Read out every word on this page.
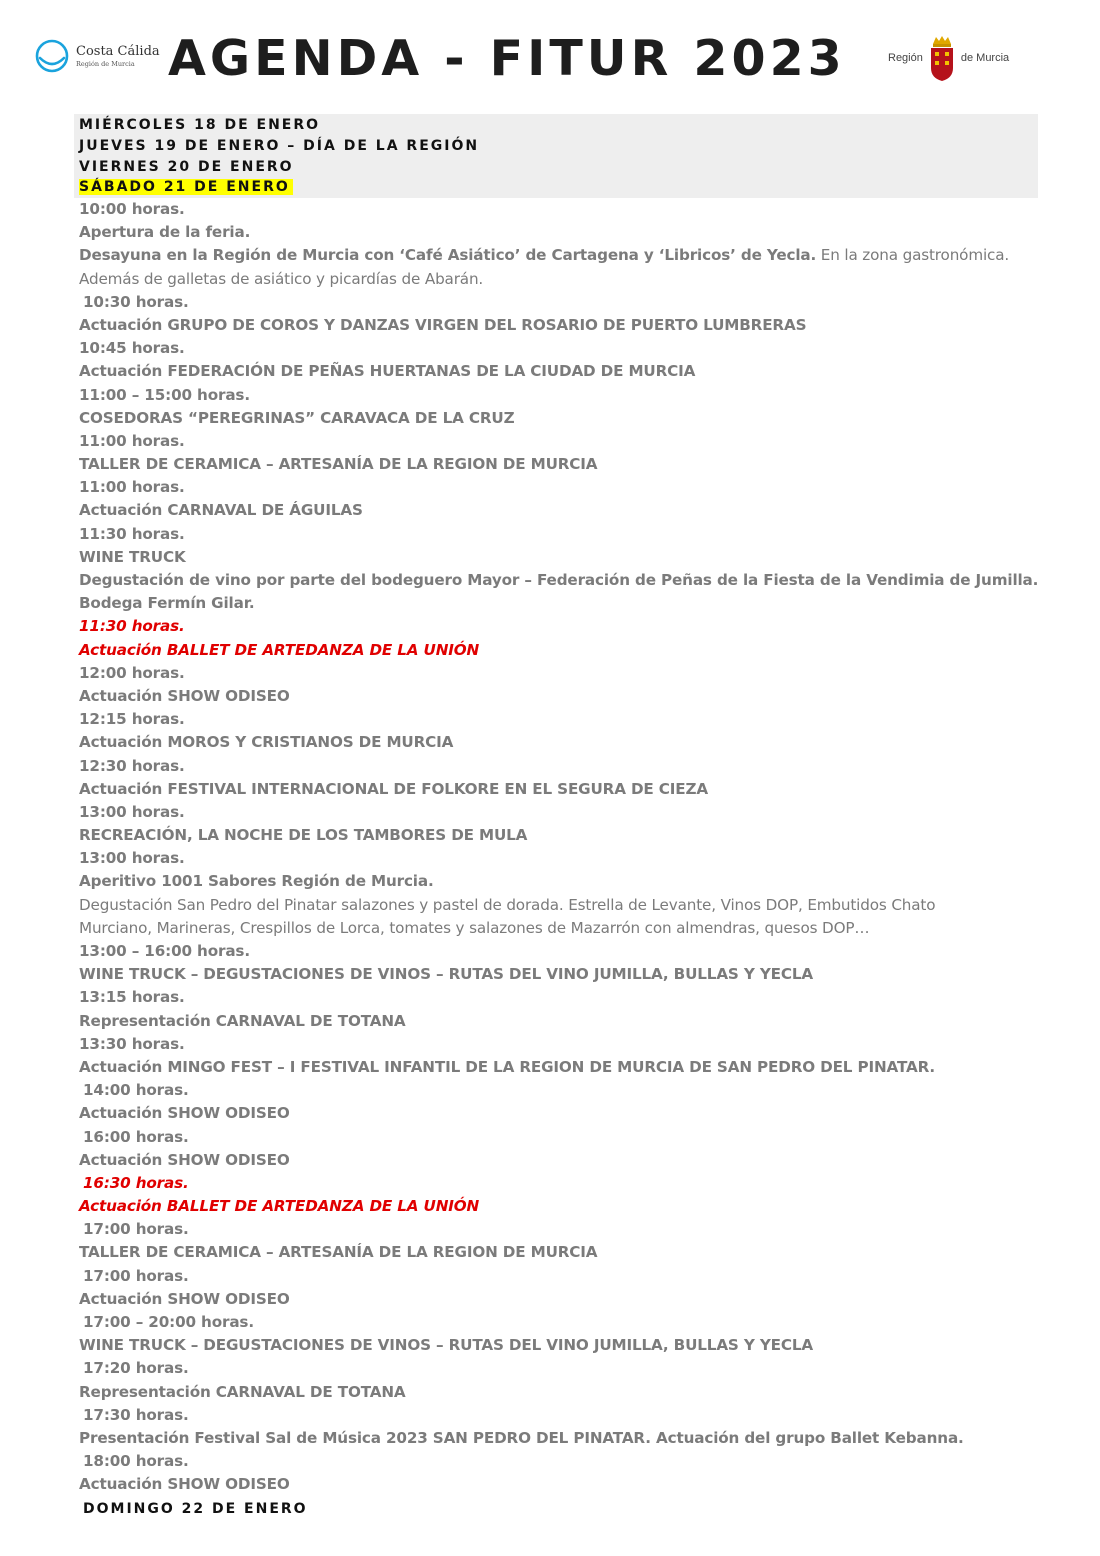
Costa Cálida
Región de Murcia AGENDA - FITUR 2023	Región	de Murcia
MIÉRCOLES 18 DE ENERO
JUEVES 19 DE ENERO – DÍA DE LA REGIÓN
VIERNES 20 DE ENERO
SÁBADO 21 DE ENERO
10:00 horas.
Apertura de la feria.
Desayuna en la Región de Murcia con ‘Café Asiático’ de Cartagena y ‘Libricos’ de Yecla. En la zona gastronómica.
Además de galletas de asiático y picardías de Abarán.
10:30 horas.
Actuación GRUPO DE COROS Y DANZAS VIRGEN DEL ROSARIO DE PUERTO LUMBRERAS
10:45 horas.
Actuación FEDERACIÓN DE PEÑAS HUERTANAS DE LA CIUDAD DE MURCIA
11:00 – 15:00 horas.
COSEDORAS “PEREGRINAS” CARAVACA DE LA CRUZ
11:00 horas.
TALLER DE CERAMICA – ARTESANÍA DE LA REGION DE MURCIA
11:00 horas.
Actuación CARNAVAL DE ÁGUILAS
11:30 horas.
WINE TRUCK
Degustación de vino por parte del bodeguero Mayor – Federación de Peñas de la Fiesta de la Vendimia de Jumilla.
Bodega Fermín Gilar.
11:30 horas.
Actuación BALLET DE ARTEDANZA DE LA UNIÓN
12:00 horas.
Actuación SHOW ODISEO
12:15 horas.
Actuación MOROS Y CRISTIANOS DE MURCIA
12:30 horas.
Actuación FESTIVAL INTERNACIONAL DE FOLKORE EN EL SEGURA DE CIEZA
13:00 horas.
RECREACIÓN, LA NOCHE DE LOS TAMBORES DE MULA
13:00 horas.
Aperitivo 1001 Sabores Región de Murcia.
Degustación San Pedro del Pinatar salazones y pastel de dorada. Estrella de Levante, Vinos DOP, Embutidos Chato
Murciano, Marineras, Crespillos de Lorca, tomates y salazones de Mazarrón con almendras, quesos DOP…
13:00 – 16:00 horas.
WINE TRUCK – DEGUSTACIONES DE VINOS – RUTAS DEL VINO JUMILLA, BULLAS Y YECLA
13:15 horas.
Representación CARNAVAL DE TOTANA
13:30 horas.
Actuación MINGO FEST – I FESTIVAL INFANTIL DE LA REGION DE MURCIA DE SAN PEDRO DEL PINATAR.
14:00 horas.
Actuación SHOW ODISEO
16:00 horas.
Actuación SHOW ODISEO
16:30 horas.
Actuación BALLET DE ARTEDANZA DE LA UNIÓN
17:00 horas.
TALLER DE CERAMICA – ARTESANÍA DE LA REGION DE MURCIA
17:00 horas.
Actuación SHOW ODISEO
17:00 – 20:00 horas.
WINE TRUCK – DEGUSTACIONES DE VINOS – RUTAS DEL VINO JUMILLA, BULLAS Y YECLA
17:20 horas.
Representación CARNAVAL DE TOTANA
17:30 horas.
Presentación Festival Sal de Música 2023 SAN PEDRO DEL PINATAR. Actuación del grupo Ballet Kebanna.
18:00 horas.
Actuación SHOW ODISEO
DOMINGO 22 DE ENERO
